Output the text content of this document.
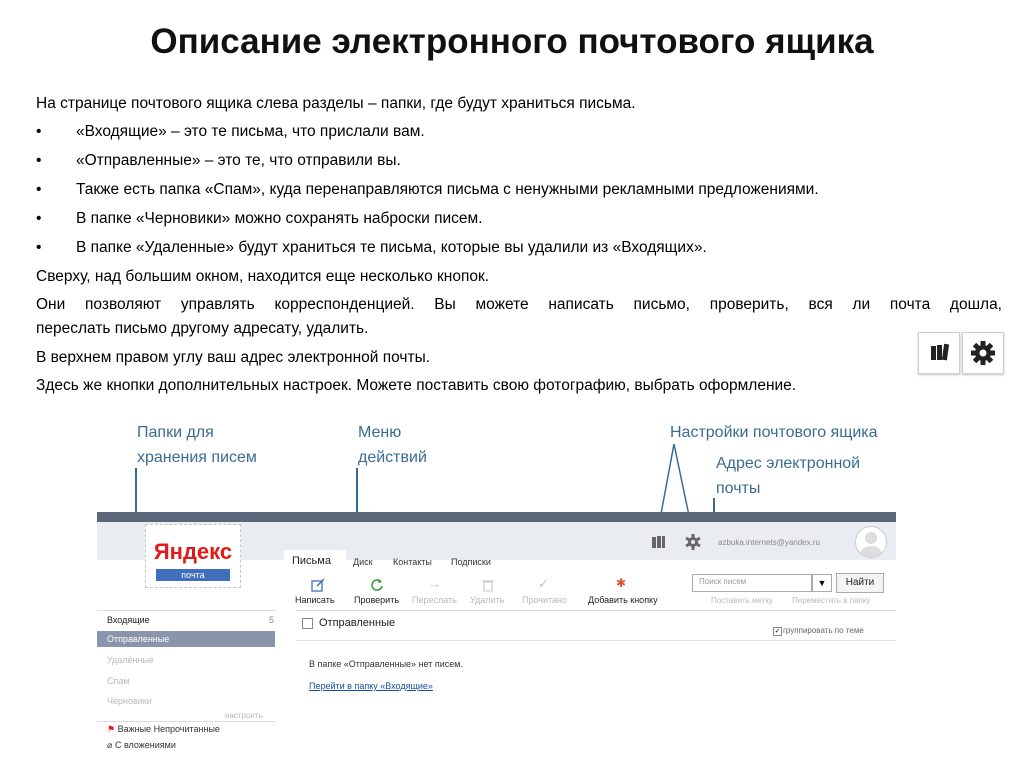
Описание электронного почтового ящика
На странице почтового ящика слева разделы – папки, где будут храниться письма.
• «Входящие» – это те письма, что прислали вам.
• «Отправленные» – это те, что отправили вы.
• Также есть папка «Спам», куда перенаправляются письма с ненужными рекламными предложениями.
• В папке «Черновики» можно сохранять наброски писем.
• В папке «Удаленные» будут храниться те письма, которые вы удалили из «Входящих».
Сверху, над большим окном, находится еще несколько кнопок.
Они позволяют управлять корреспонденцией. Вы можете написать письмо, проверить, вся ли почта дошла,
переслать письмо другому адресату, удалить.
В верхнем правом углу ваш адрес электронной почты.
Здесь же кнопки дополнительных настроек. Можете поставить свою фотографию, выбрать оформление.
Папки для
хранения писем
Меню
действий
Настройки почтового ящика
Адрес электронной
почты
Яндекс
почта
Письма Диск Контакты Подписки
azbuka.internets@yandex.ru
Написать Проверить
→
Переслать Удалить
✓
Прочитано
✱
Добавить кнопку
Поиск писем	▼	Найти
Поставить метку Переместить в папку
Входящие	5
Отправленные
Удалённые
Спам
Черновики
настроить
⚑ Важные Непрочитанные
⌀ С вложениями
Отправленные
✓ группировать по теме
В папке «Отправленные» нет писем.
Перейти в папку «Входящие»
